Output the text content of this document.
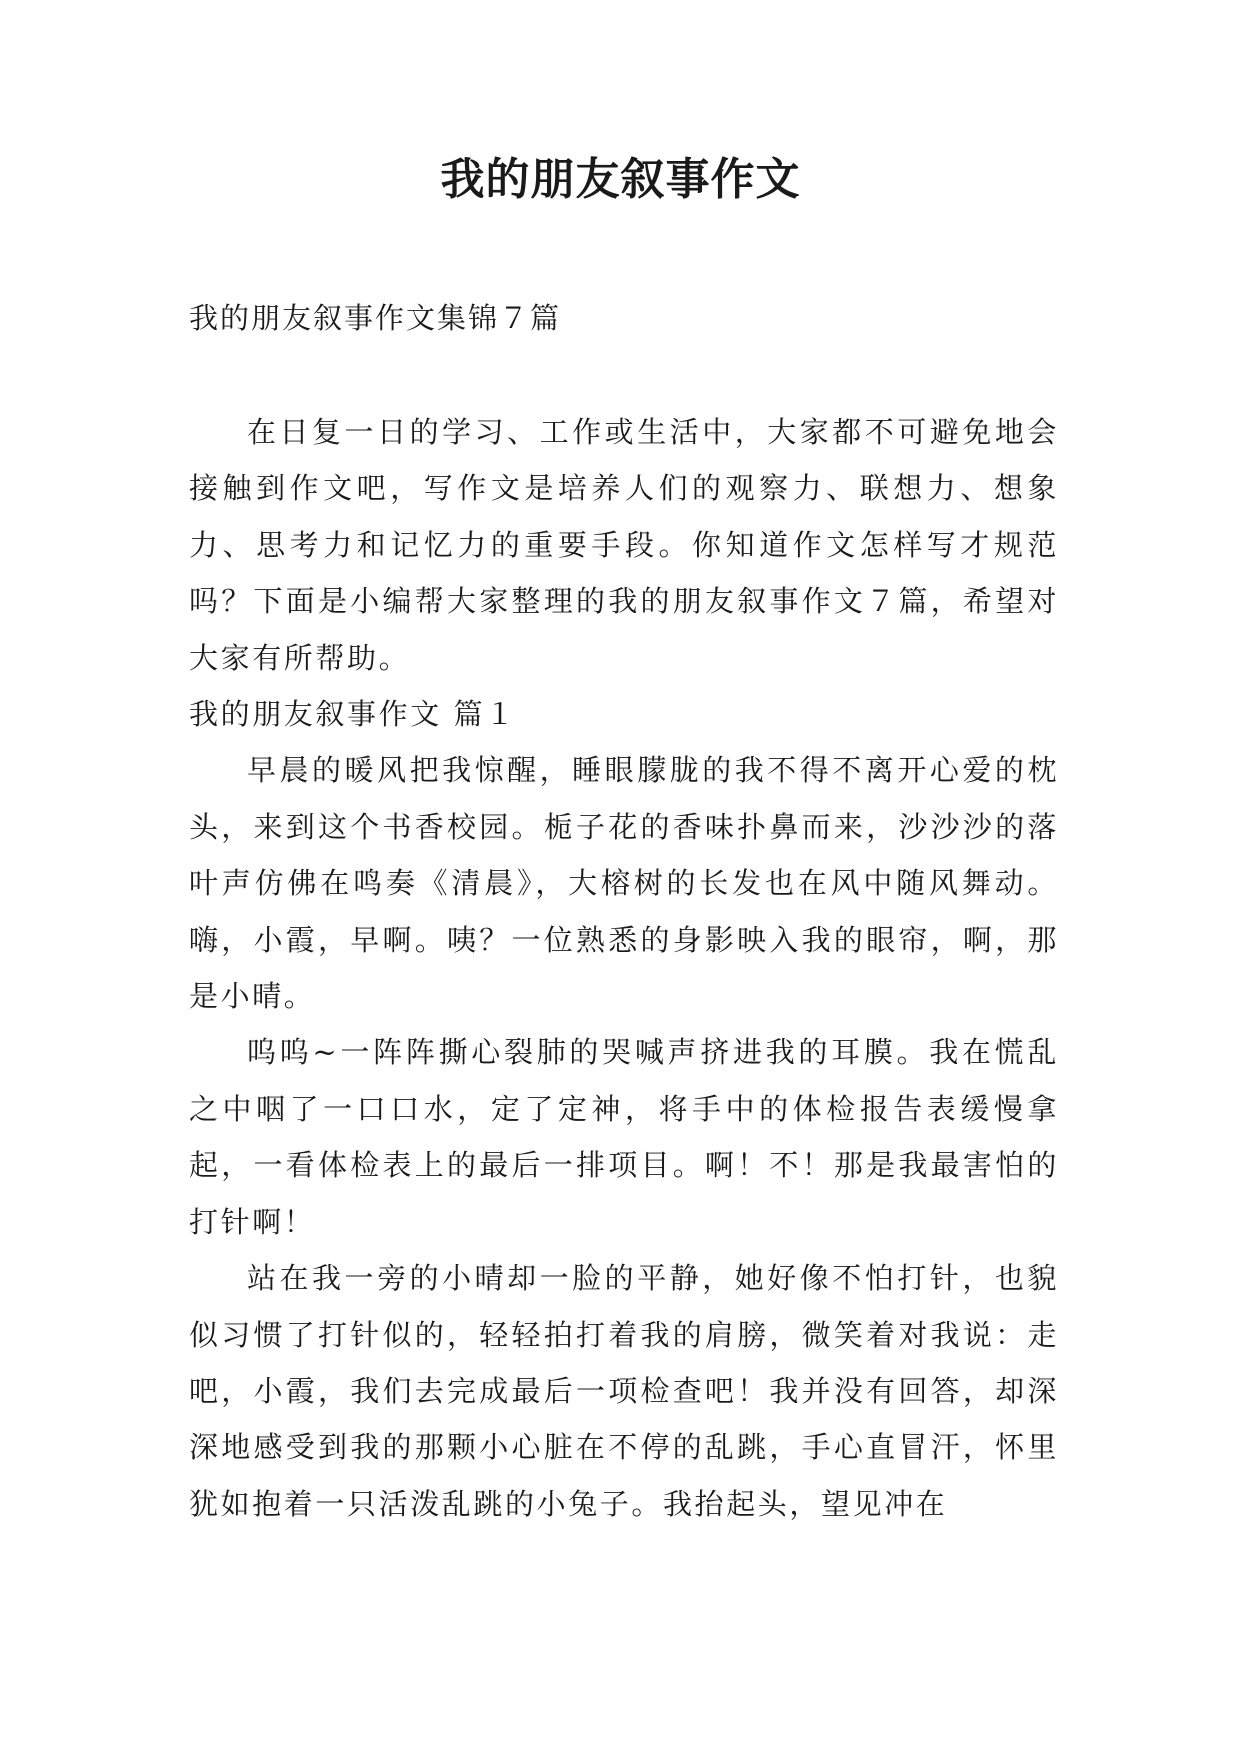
我的朋友叙事作文
我的朋友叙事作文集锦７篇

在日复一日的学习、工作或生活中，大家都不可避免地会接触到作文吧，写作文是培养人们的观察力、联想力、想象力、思考力和记忆力的重要手段。你知道作文怎样写才规范吗？下面是小编帮大家整理的我的朋友叙事作文７篇，希望对大家有所帮助。

我的朋友叙事作文 篇１

早晨的暖风把我惊醒，睡眼朦胧的我不得不离开心爱的枕头，来到这个书香校园。栀子花的香味扑鼻而来，沙沙沙的落叶声仿佛在鸣奏《清晨》，大榕树的长发也在风中随风舞动。嗨，小霞，早啊。咦？一位熟悉的身影映入我的眼帘，啊，那是小晴。

呜呜~一阵阵撕心裂肺的哭喊声挤进我的耳膜。我在慌乱之中咽了一口口水，定了定神，将手中的体检报告表缓慢拿起，一看体检表上的最后一排项目。啊！不！那是我最害怕的打针啊！

站在我一旁的小晴却一脸的平静，她好像不怕打针，也貌似习惯了打针似的，轻轻拍打着我的肩膀，微笑着对我说：走吧，小霞，我们去完成最后一项检查吧！我并没有回答，却深深地感受到我的那颗小心脏在不停的乱跳，手心直冒汗，怀里犹如抱着一只活泼乱跳的小兔子。我抬起头，望见冲在
